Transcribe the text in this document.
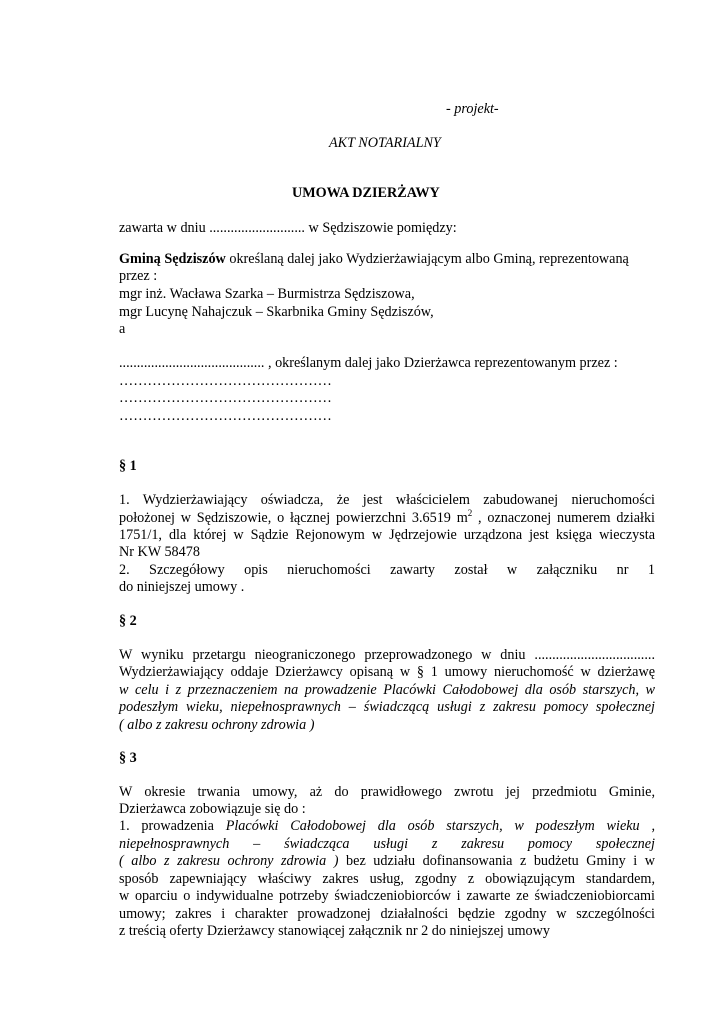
- projekt-
AKT NOTARIALNY
UMOWA DZIERŻAWY
zawarta w dniu ........................... w Sędziszowie pomiędzy:
Gminą Sędziszów określaną dalej jako Wydzierżawiającym albo Gminą, reprezentowaną
przez :
mgr inż. Wacława Szarka – Burmistrza Sędziszowa,
mgr Lucynę Nahajczuk – Skarbnika Gminy Sędziszów,
a
......................................... , określanym dalej jako Dzierżawca reprezentowanym przez :
………………………………………
………………………………………
………………………………………
§ 1
1. Wydzierżawiający oświadcza, że jest właścicielem zabudowanej nieruchomości
położonej w Sędziszowie, o łącznej powierzchni 3.6519 $m^2$ , oznaczonej numerem działki
1751/1, dla której w Sądzie Rejonowym w Jędrzejowie urządzona jest księga wieczysta
Nr KW 58478
2. Szczegółowy opis nieruchomości zawarty został w załączniku nr 1
do niniejszej umowy .
§ 2
W wyniku przetargu nieograniczonego przeprowadzonego w dniu ..................................
Wydzierżawiający oddaje Dzierżawcy opisaną w § 1 umowy nieruchomość w dzierżawę
w celu i z przeznaczeniem na prowadzenie Placówki Całodobowej dla osób starszych, w
podeszłym wieku, niepełnosprawnych – świadczącą usługi z zakresu pomocy społecznej
( albo z zakresu ochrony zdrowia )
§ 3
W okresie trwania umowy, aż do prawidłowego zwrotu jej przedmiotu Gminie,
Dzierżawca zobowiązuje się do :
1. prowadzenia Placówki Całodobowej dla osób starszych, w podeszłym wieku ,
niepełnosprawnych – świadcząca usługi z zakresu pomocy społecznej
( albo z zakresu ochrony zdrowia ) bez udziału dofinansowania z budżetu Gminy i w
sposób zapewniający właściwy zakres usług, zgodny z obowiązującym standardem,
w oparciu o indywidualne potrzeby świadczeniobiorców i zawarte ze świadczeniobiorcami
umowy; zakres i charakter prowadzonej działalności będzie zgodny w szczególności
z treścią oferty Dzierżawcy stanowiącej załącznik nr 2 do niniejszej umowy
